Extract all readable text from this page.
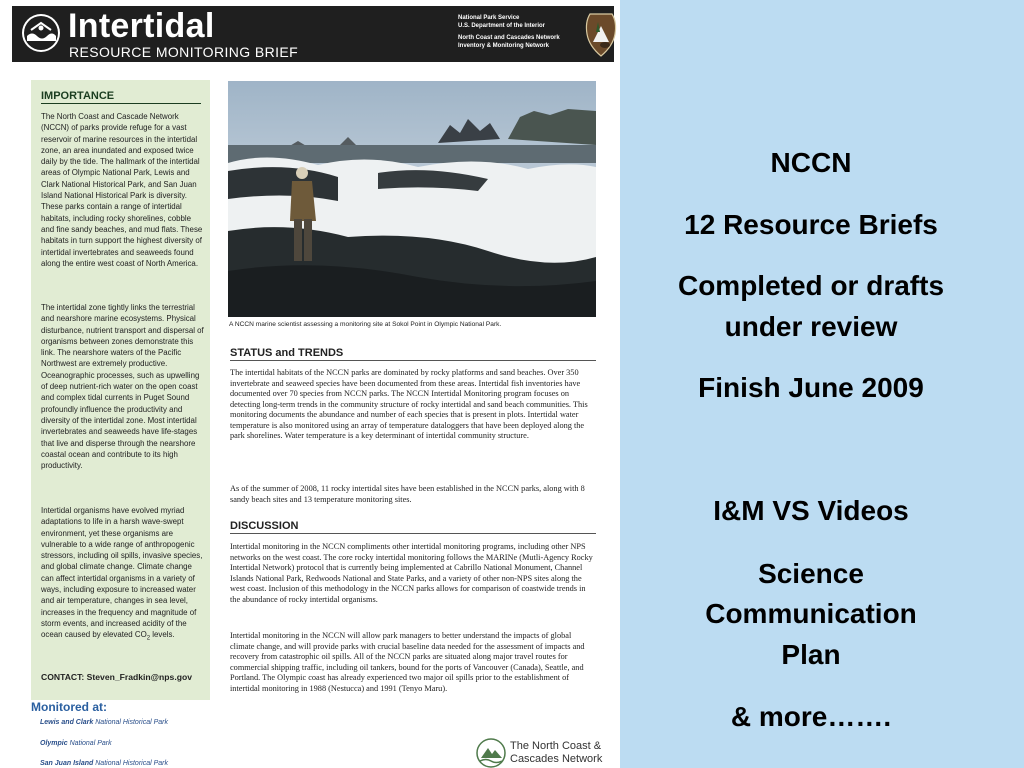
Intertidal
RESOURCE MONITORING BRIEF
National Park Service
U.S. Department of the Interior
North Coast and Cascades Network
Inventory & Monitoring Network
IMPORTANCE
The North Coast and Cascade Network (NCCN) of parks provide refuge for a vast reservoir of marine resources in the intertidal zone, an area inundated and exposed twice daily by the tide. The hallmark of the intertidal areas of Olympic National Park, Lewis and Clark National Historical Park, and San Juan Island National Historical Park is diversity. These parks contain a range of intertidal habitats, including rocky shorelines, cobble and fine sandy beaches, and mud flats. These habitats in turn support the highest diversity of intertidal invertebrates and seaweeds found along the entire west coast of North America.
The intertidal zone tightly links the terrestrial and nearshore marine ecosystems. Physical disturbance, nutrient transport and dispersal of organisms between zones demonstrate this link. The nearshore waters of the Pacific Northwest are extremely productive. Oceanographic processes, such as upwelling of deep nutrient-rich water on the open coast and complex tidal currents in Puget Sound profoundly influence the productivity and diversity of the intertidal zone. Most intertidal invertebrates and seaweeds have life-stages that live and disperse through the nearshore coastal ocean and contribute to its high productivity.
Intertidal organisms have evolved myriad adaptations to life in a harsh wave-swept environment, yet these organisms are vulnerable to a wide range of anthropogenic stressors, including oil spills, invasive species, and global climate change. Climate change can affect intertidal organisms in a variety of ways, including exposure to increased water and air temperature, changes in sea level, increases in the frequency and magnitude of storm events, and increased acidity of the ocean caused by elevated $CO_2$ levels.
CONTACT: Steven_Fradkin@nps.gov
Monitored at:
Lewis and Clark National Historical Park
Olympic National Park
San Juan Island National Historical Park
A NCCN marine scientist assessing a monitoring site at Sokol Point in Olympic National Park.
STATUS and TRENDS
The intertidal habitats of the NCCN parks are dominated by rocky platforms and sand beaches. Over 350 invertebrate and seaweed species have been documented from these areas. Intertidal fish inventories have documented over 70 species from NCCN parks. The NCCN Intertidal Monitoring program focuses on detecting long-term trends in the community structure of rocky intertidal and sand beach communities. This monitoring documents the abundance and number of each species that is present in plots. Intertidal water temperature is also monitored using an array of temperature dataloggers that have been deployed along the park shorelines. Water temperature is a key determinant of intertidal community structure.
As of the summer of 2008, 11 rocky intertidal sites have been established in the NCCN parks, along with 8 sandy beach sites and 13 temperature monitoring sites.
DISCUSSION
Intertidal monitoring in the NCCN compliments other intertidal monitoring programs, including other NPS networks on the west coast. The core rocky intertidal monitoring follows the MARINe (Mutli-Agency Rocky Intertidal Network) protocol that is currently being implemented at Cabrillo National Monument, Channel Islands National Park, Redwoods National and State Parks, and a variety of other non-NPS sites along the west coast. Inclusion of this methodology in the NCCN parks allows for comparison of coastwide trends in the abundance of rocky intertidal organisms.
Intertidal monitoring in the NCCN will allow park managers to better understand the impacts of global climate change, and will provide parks with crucial baseline data needed for the assessment of impacts and recovery from catastrophic oil spills. All of the NCCN parks are situated along major travel routes for commercial shipping traffic, including oil tankers, bound for the ports of Vancouver (Canada), Seattle, and Portland. The Olympic coast has already experienced two major oil spills prior to the establishment of intertidal monitoring in 1988 (Nestucca) and 1991 (Tenyo Maru).
The North Coast &
Cascades Network
NCCN
12 Resource Briefs
Completed or drafts
under review
Finish June 2009
I&M VS Videos
Science
Communication
Plan
& more…….
